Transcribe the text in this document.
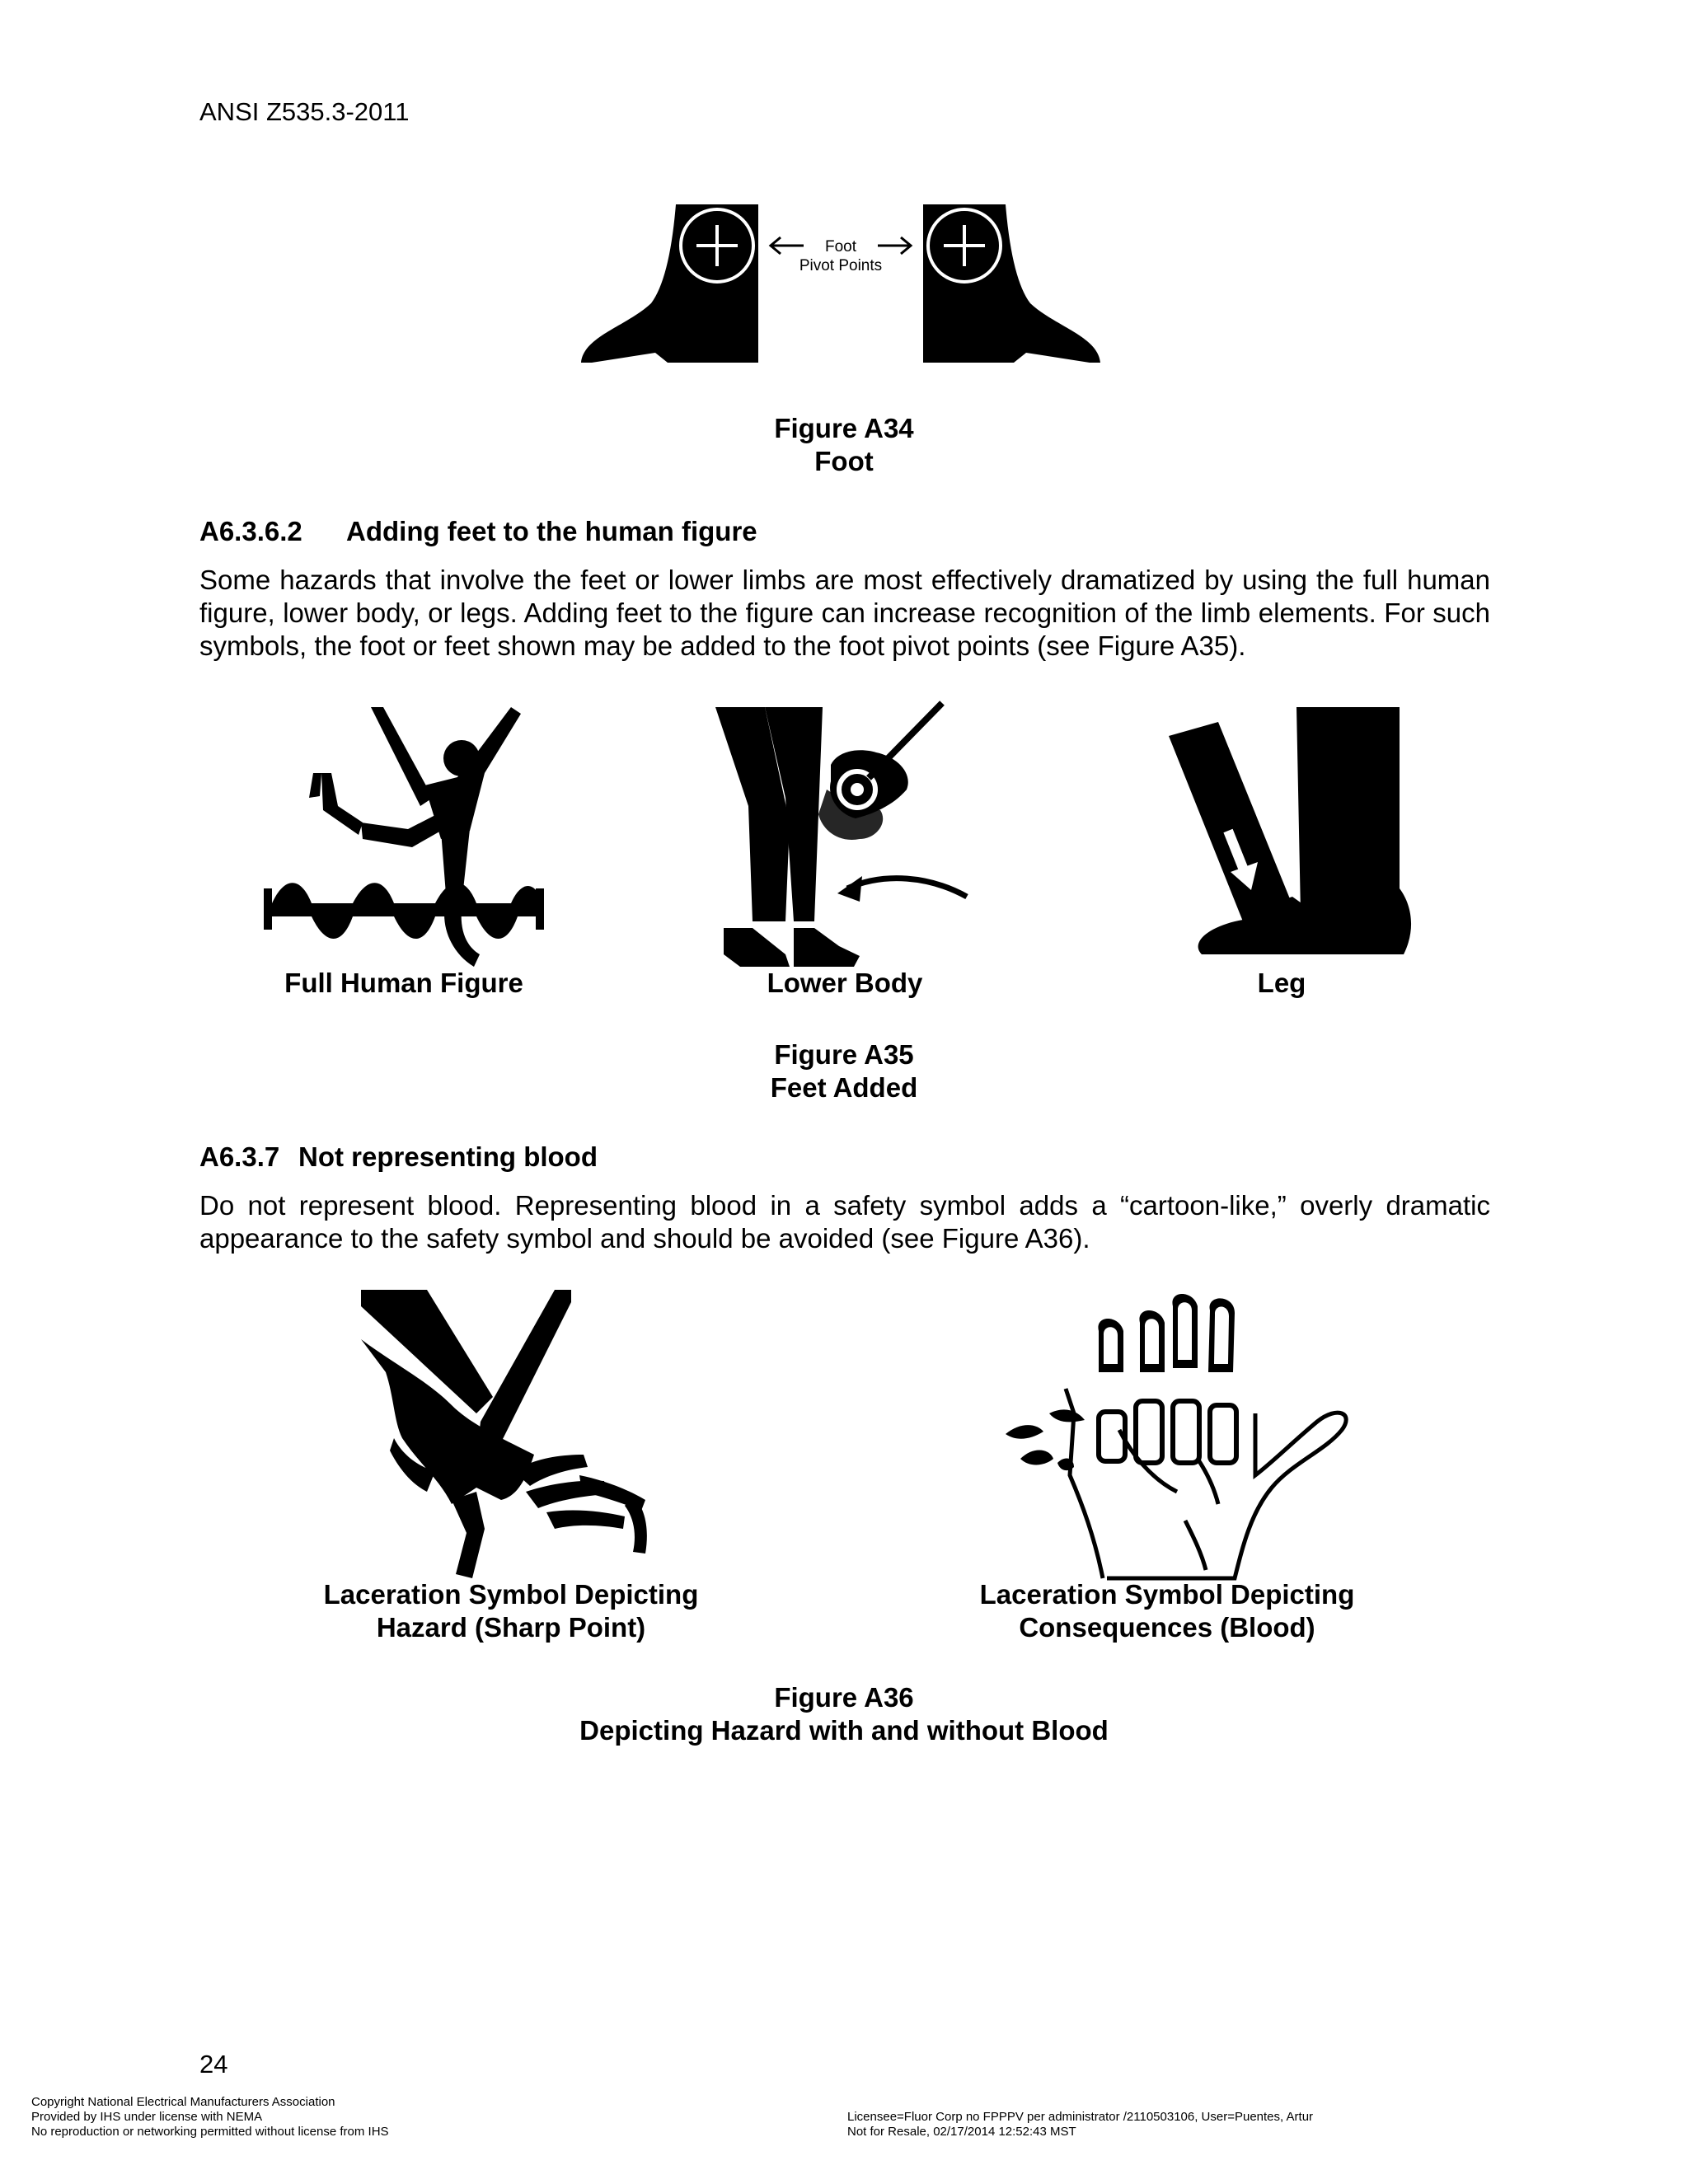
ANSI Z535.3-2011
Foot
Pivot Points
Figure A34
Foot
A6.3.6.2 Adding feet to the human figure
Some hazards that involve the feet or lower limbs are most effectively dramatized by using the full human figure, lower body, or legs. Adding feet to the figure can increase recognition of the limb elements. For such symbols, the foot or feet shown may be added to the foot pivot points (see Figure A35).
Full Human Figure	Lower Body	Leg
Figure A35
Feet Added
A6.3.7 Not representing blood
Do not represent blood. Representing blood in a safety symbol adds a “cartoon-like,” overly dramatic appearance to the safety symbol and should be avoided (see Figure A36).
Laceration Symbol Depicting
Hazard (Sharp Point)
Laceration Symbol Depicting
Consequences (Blood)
Figure A36
Depicting Hazard with and without Blood
24
Copyright National Electrical Manufacturers Association
Provided by IHS under license with NEMA
No reproduction or networking permitted without license from IHS
Licensee=Fluor Corp no FPPPV per administrator /2110503106, User=Puentes, Artur
Not for Resale, 02/17/2014 12:52:43 MST
